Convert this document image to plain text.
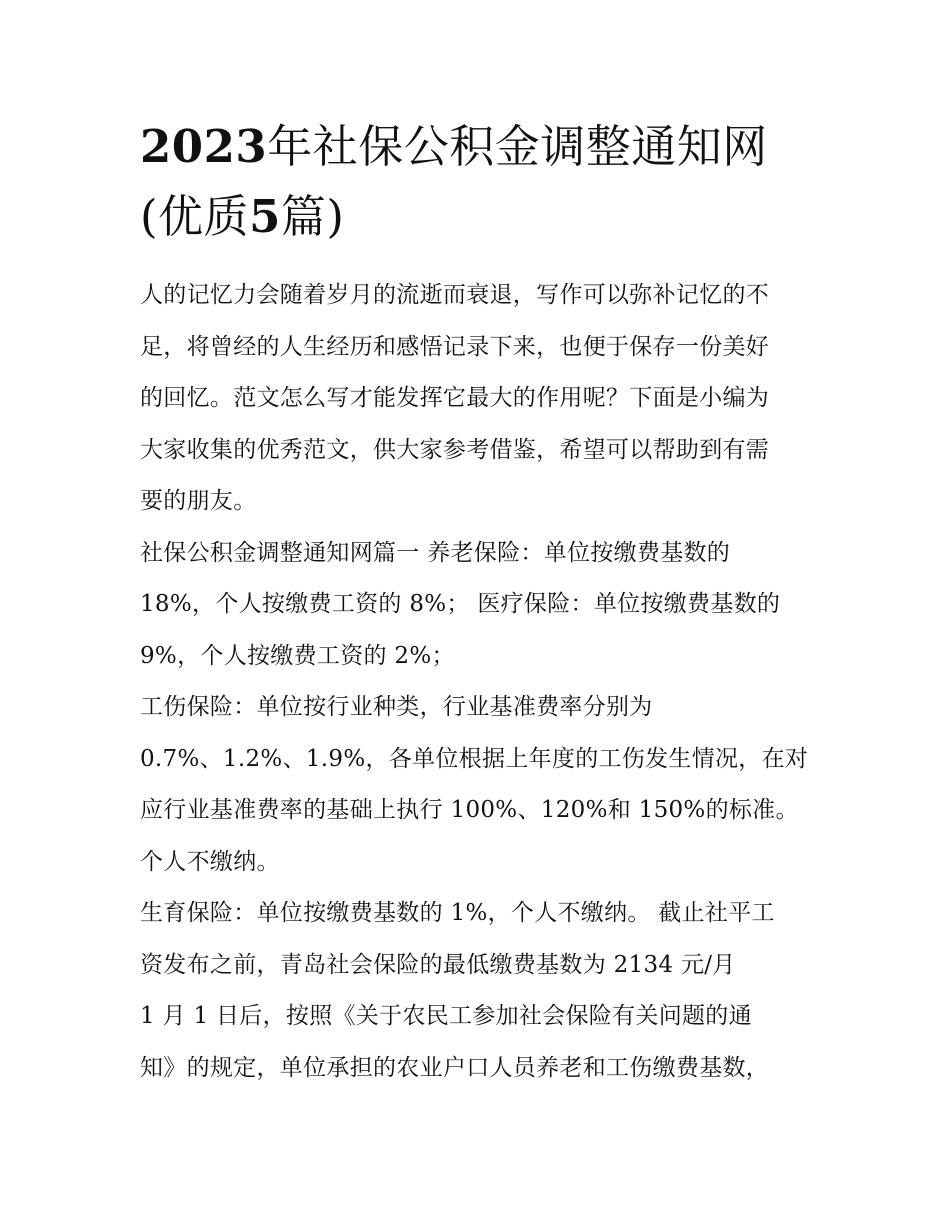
2023年社保公积金调整通知网(优质5篇)

人的记忆力会随着岁月的流逝而衰退，写作可以弥补记忆的不

足，将曾经的人生经历和感悟记录下来，也便于保存一份美好

的回忆。范文怎么写才能发挥它最大的作用呢？下面是小编为

大家收集的优秀范文，供大家参考借鉴，希望可以帮助到有需

要的朋友。

社保公积金调整通知网篇一 养老保险：单位按缴费基数的

18%，个人按缴费工资的 8%； 医疗保险：单位按缴费基数的

9%，个人按缴费工资的 2%；

工伤保险：单位按行业种类，行业基准费率分别为

0.7%、1.2%、1.9%，各单位根据上年度的工伤发生情况，在对

应行业基准费率的基础上执行 100%、120%和 150%的标准。

个人不缴纳。

生育保险：单位按缴费基数的 1%，个人不缴纳。 截止社平工

资发布之前，青岛社会保险的最低缴费基数为 2134 元/月

1 月 1 日后，按照《关于农民工参加社会保险有关问题的通

知》的规定，单位承担的农业户口人员养老和工伤缴费基数，
